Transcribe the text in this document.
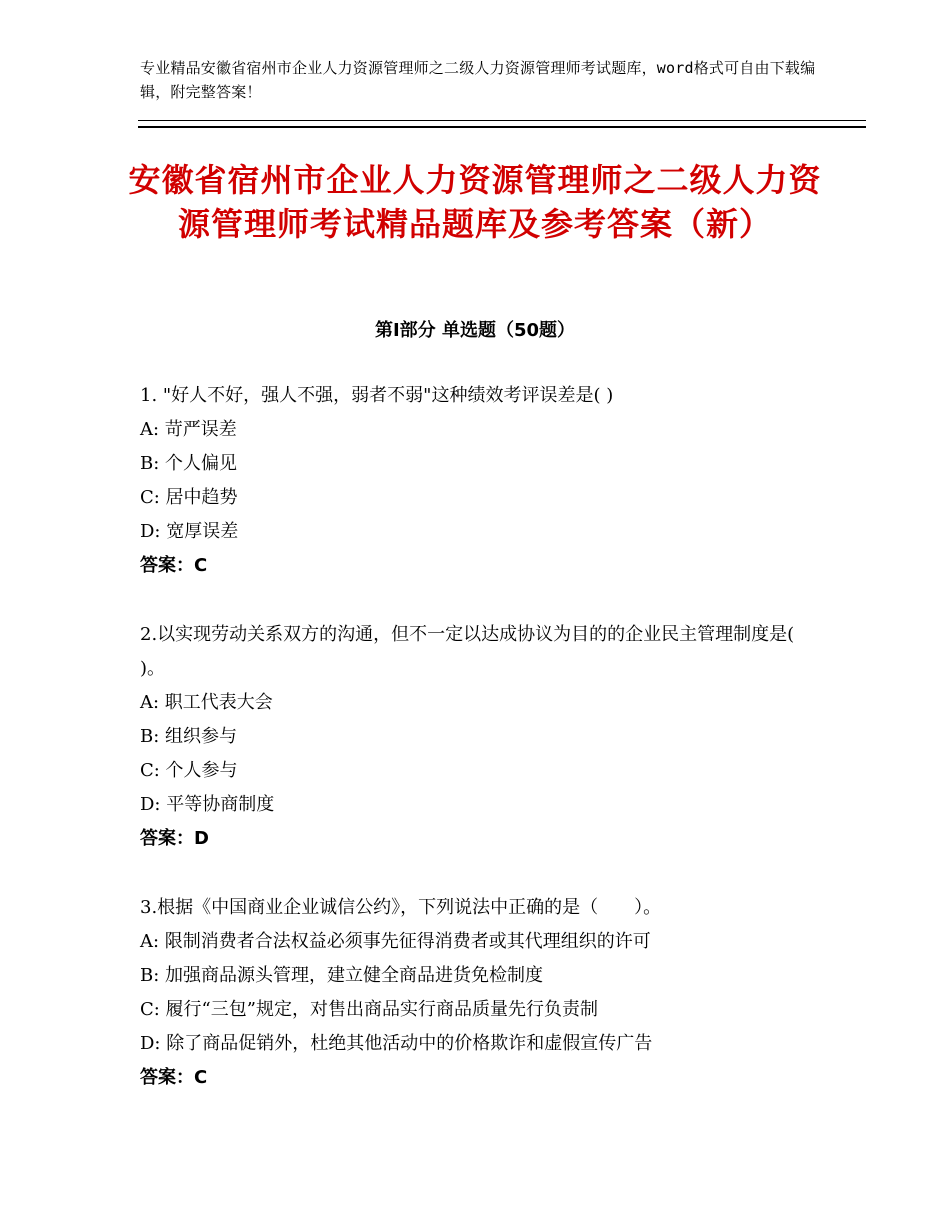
专业精品安徽省宿州市企业人力资源管理师之二级人力资源管理师考试题库，word格式可自由下载编辑，附完整答案！
安徽省宿州市企业人力资源管理师之二级人力资源管理师考试精品题库及参考答案（新）
第Ⅰ部分 单选题（50题）
1. "好人不好，强人不强，弱者不弱"这种绩效考评误差是( )
A: 苛严误差
B: 个人偏见
C: 居中趋势
D: 宽厚误差
答案：C
2.以实现劳动关系双方的沟通，但不一定以达成协议为目的的企业民主管理制度是( )。
A: 职工代表大会
B: 组织参与
C: 个人参与
D: 平等协商制度
答案：D
3.根据《中国商业企业诚信公约》，下列说法中正确的是（　　）。
A: 限制消费者合法权益必须事先征得消费者或其代理组织的许可
B: 加强商品源头管理，建立健全商品进货免检制度
C: 履行“三包”规定，对售出商品实行商品质量先行负责制
D: 除了商品促销外，杜绝其他活动中的价格欺诈和虚假宣传广告
答案：C
